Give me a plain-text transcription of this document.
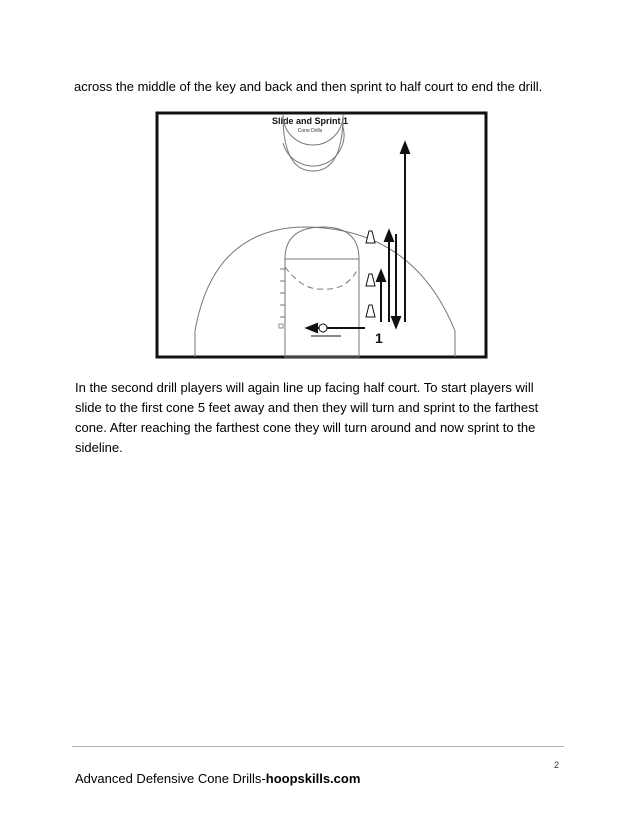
across the middle of the key and back and then sprint to half court to end the drill.

Slide and Sprint 1
Cone Drills
1

In the second drill players will again line up facing half court. To start players will slide to the first cone 5 feet away and then they will turn and sprint to the farthest cone. After reaching the farthest cone they will turn around and now sprint to the sideline.

2
Advanced Defensive Cone Drills-hoopskills.com
